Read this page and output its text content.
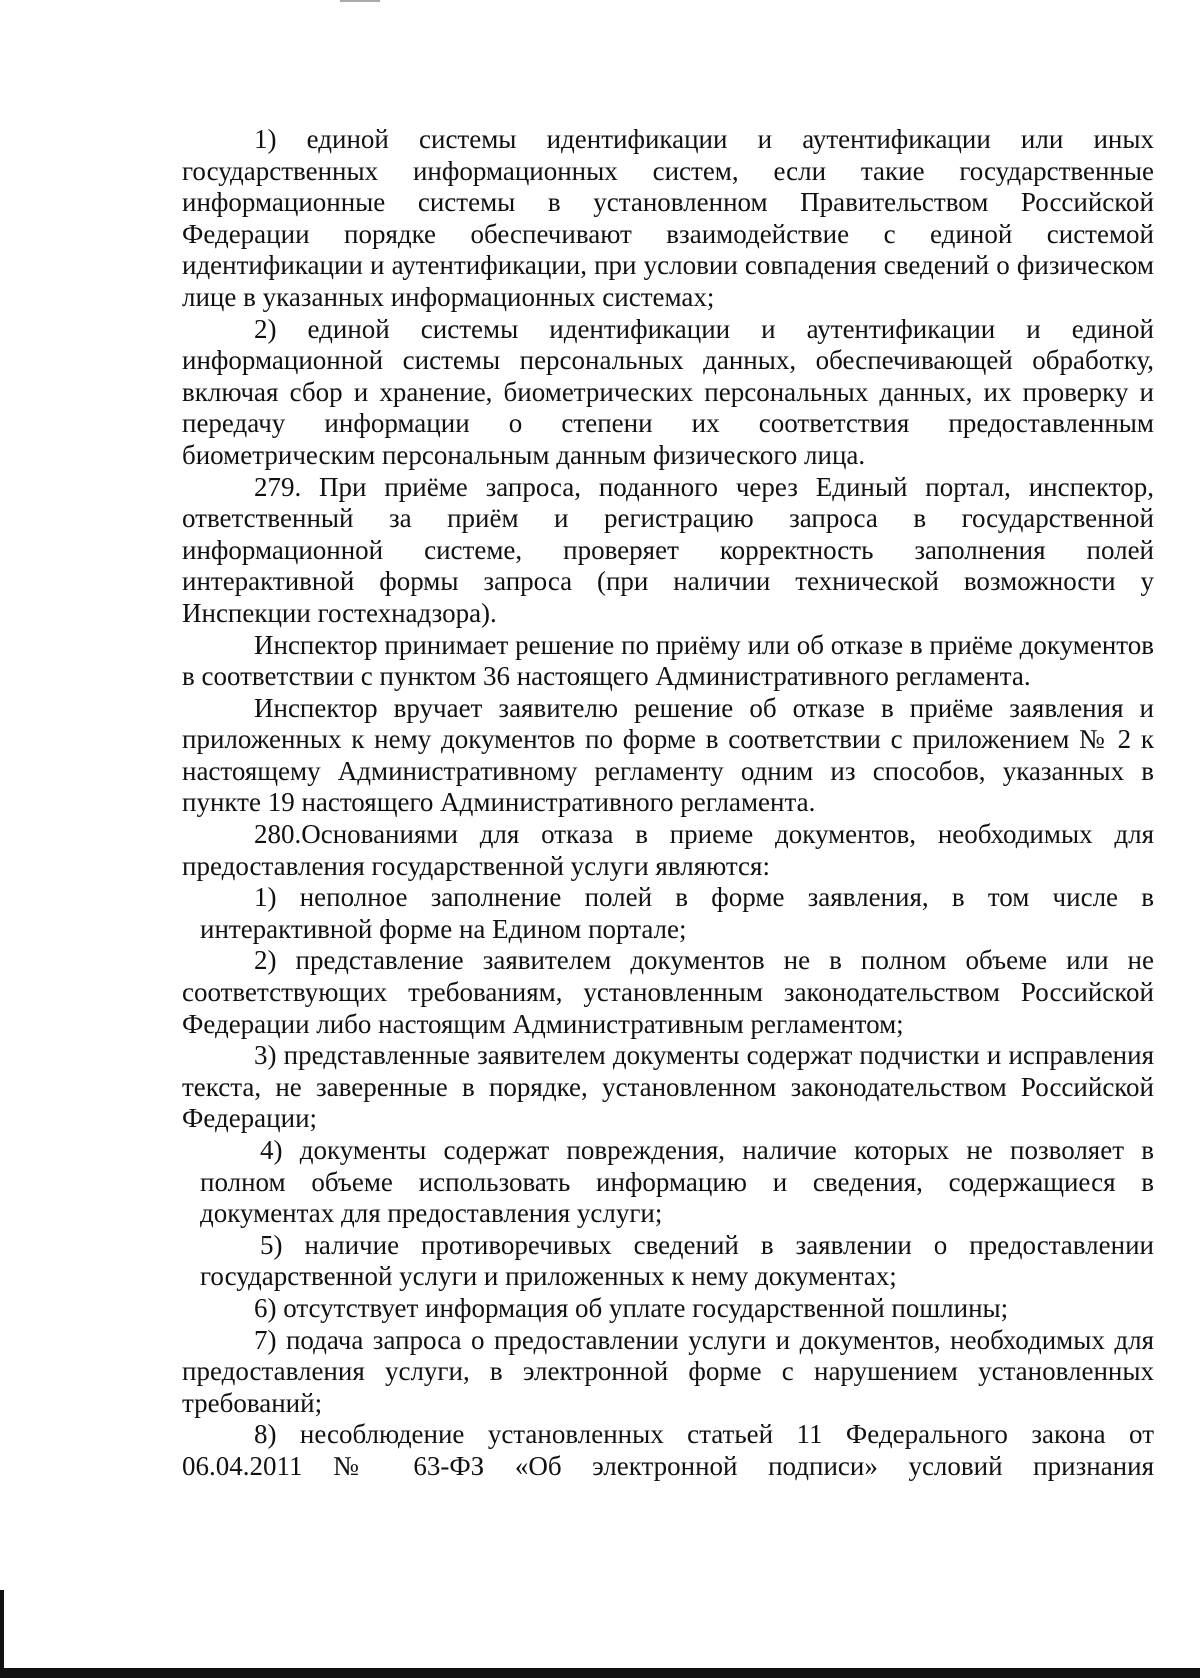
1) единой системы идентификации и аутентификации или иных государственных информационных систем, если такие государственные информационные системы в установленном Правительством Российской Федерации порядке обеспечивают взаимодействие с единой системой идентификации и аутентификации, при условии совпадения сведений о физическом лице в указанных информационных системах;

2) единой системы идентификации и аутентификации и единой информационной системы персональных данных, обеспечивающей обработку, включая сбор и хранение, биометрических персональных данных, их проверку и передачу информации о степени их соответствия предоставленным биометрическим персональным данным физического лица.

279. При приёме запроса, поданного через Единый портал, инспектор, ответственный за приём и регистрацию запроса в государственной информационной системе, проверяет корректность заполнения полей интерактивной формы запроса (при наличии технической возможности у Инспекции гостехнадзора).

Инспектор принимает решение по приёму или об отказе в приёме документов в соответствии с пунктом 36 настоящего Административного регламента.

Инспектор вручает заявителю решение об отказе в приёме заявления и приложенных к нему документов по форме в соответствии с приложением № 2 к настоящему Административному регламенту одним из способов, указанных в пункте 19 настоящего Административного регламента.

280.Основаниями для отказа в приеме документов, необходимых для предоставления государственной услуги являются:

1) неполное заполнение полей в форме заявления, в том числе в интерактивной форме на Едином портале;

2) представление заявителем документов не в полном объеме или не соответствующих требованиям, установленным законодательством Российской Федерации либо настоящим Административным регламентом;

3) представленные заявителем документы содержат подчистки и исправления текста, не заверенные в порядке, установленном законодательством Российской Федерации;

4) документы содержат повреждения, наличие которых не позволяет в полном объеме использовать информацию и сведения, содержащиеся в документах для предоставления услуги;

5) наличие противоречивых сведений в заявлении о предоставлении государственной услуги и приложенных к нему документах;

6) отсутствует информация об уплате государственной пошлины;

7) подача запроса о предоставлении услуги и документов, необходимых для предоставления услуги, в электронной форме с нарушением установленных требований;

8) несоблюдение установленных статьей 11 Федерального закона от 06.04.2011 № 63-ФЗ «Об электронной подписи» условий признания
